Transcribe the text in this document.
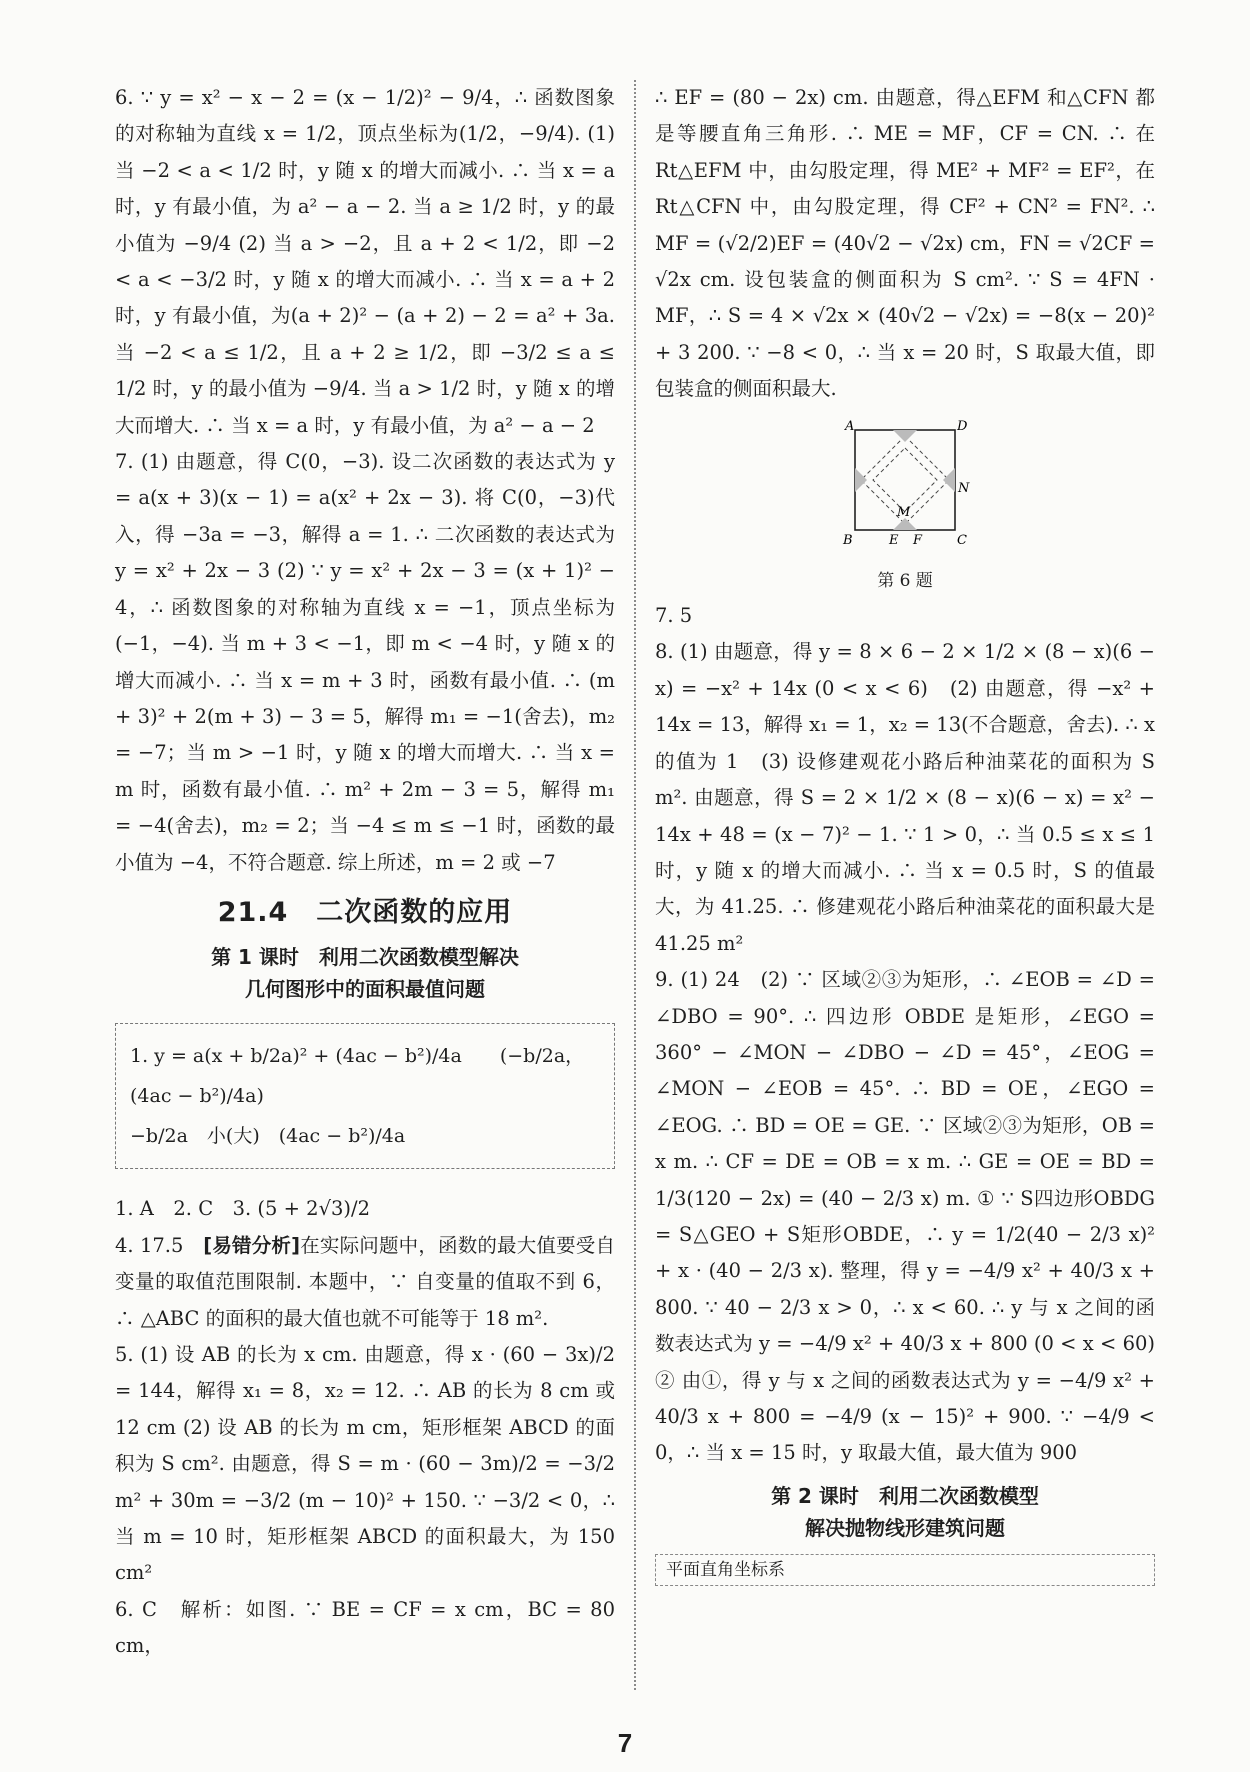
6. ∵ y = x² − x − 2 = (x − 1/2)² − 9/4，∴ 函数图象的对称轴为直线 x = 1/2，顶点坐标为(1/2，−9/4). (1) 当 −2 < a < 1/2 时，y 随 x 的增大而减小. ∴ 当 x = a 时，y 有最小值，为 a² − a − 2. 当 a ≥ 1/2 时，y 的最小值为 −9/4 (2) 当 a > −2，且 a + 2 < 1/2，即 −2 < a < −3/2 时，y 随 x 的增大而减小. ∴ 当 x = a + 2 时，y 有最小值，为(a + 2)² − (a + 2) − 2 = a² + 3a. 当 −2 < a ≤ 1/2，且 a + 2 ≥ 1/2，即 −3/2 ≤ a ≤ 1/2 时，y 的最小值为 −9/4. 当 a > 1/2 时，y 随 x 的增大而增大. ∴ 当 x = a 时，y 有最小值，为 a² − a − 2

7. (1) 由题意，得 C(0，−3). 设二次函数的表达式为 y = a(x + 3)(x − 1) = a(x² + 2x − 3). 将 C(0，−3)代入，得 −3a = −3，解得 a = 1. ∴ 二次函数的表达式为 y = x² + 2x − 3 (2) ∵ y = x² + 2x − 3 = (x + 1)² − 4，∴ 函数图象的对称轴为直线 x = −1，顶点坐标为(−1，−4). 当 m + 3 < −1，即 m < −4 时，y 随 x 的增大而减小. ∴ 当 x = m + 3 时，函数有最小值. ∴ (m + 3)² + 2(m + 3) − 3 = 5，解得 m₁ = −1(舍去)，m₂ = −7；当 m > −1 时，y 随 x 的增大而增大. ∴ 当 x = m 时，函数有最小值. ∴ m² + 2m − 3 = 5，解得 m₁ = −4(舍去)，m₂ = 2；当 −4 ≤ m ≤ −1 时，函数的最小值为 −4，不符合题意. 综上所述，m = 2 或 −7

21.4　二次函数的应用

第 1 课时　利用二次函数模型解决

几何图形中的面积最值问题

1. y = a(x + b/2a)² + (4ac − b²)/4a　　(−b/2a，(4ac − b²)/4a)
−b/2a　小(大)　(4ac − b²)/4a

1. A　2. C　3. (5 + 2√3)/2

4. 17.5　[易错分析]在实际问题中，函数的最大值要受自变量的取值范围限制. 本题中，∵ 自变量的值取不到 6，∴ △ABC 的面积的最大值也就不可能等于 18 m².

5. (1) 设 AB 的长为 x cm. 由题意，得 x · (60 − 3x)/2 = 144，解得 x₁ = 8，x₂ = 12. ∴ AB 的长为 8 cm 或 12 cm (2) 设 AB 的长为 m cm，矩形框架 ABCD 的面积为 S cm². 由题意，得 S = m · (60 − 3m)/2 = −3/2 m² + 30m = −3/2 (m − 10)² + 150. ∵ −3/2 < 0，∴ 当 m = 10 时，矩形框架 ABCD 的面积最大，为 150 cm²

6. C　解析：如图. ∵ BE = CF = x cm，BC = 80 cm，

∴ EF = (80 − 2x) cm. 由题意，得△EFM 和△CFN 都是等腰直角三角形. ∴ ME = MF，CF = CN. ∴ 在 Rt△EFM 中，由勾股定理，得 ME² + MF² = EF²，在 Rt△CFN 中，由勾股定理，得 CF² + CN² = FN². ∴ MF = (√2/2)EF = (40√2 − √2x) cm，FN = √2CF = √2x cm. 设包装盒的侧面积为 S cm². ∵ S = 4FN · MF，∴ S = 4 × √2x × (40√2 − √2x) = −8(x − 20)² + 3 200. ∵ −8 < 0，∴ 当 x = 20 时，S 取最大值，即包装盒的侧面积最大.

A	D
B	C
E F
M
N
第 6 题

7. 5

8. (1) 由题意，得 y = 8 × 6 − 2 × 1/2 × (8 − x)(6 − x) = −x² + 14x (0 < x < 6)　(2) 由题意，得 −x² + 14x = 13，解得 x₁ = 1，x₂ = 13(不合题意，舍去). ∴ x 的值为 1　(3) 设修建观花小路后种油菜花的面积为 S m². 由题意，得 S = 2 × 1/2 × (8 − x)(6 − x) = x² − 14x + 48 = (x − 7)² − 1. ∵ 1 > 0，∴ 当 0.5 ≤ x ≤ 1 时，y 随 x 的增大而减小. ∴ 当 x = 0.5 时，S 的值最大，为 41.25. ∴ 修建观花小路后种油菜花的面积最大是 41.25 m²

9. (1) 24　(2) ∵ 区域②③为矩形，∴ ∠EOB = ∠D = ∠DBO = 90°. ∴ 四边形 OBDE 是矩形，∠EGO = 360° − ∠MON − ∠DBO − ∠D = 45°，∠EOG = ∠MON − ∠EOB = 45°. ∴ BD = OE，∠EGO = ∠EOG. ∴ BD = OE = GE. ∵ 区域②③为矩形，OB = x m. ∴ CF = DE = OB = x m. ∴ GE = OE = BD = 1/3(120 − 2x) = (40 − 2/3 x) m. ① ∵ S四边形OBDG = S△GEO + S矩形OBDE，∴ y = 1/2(40 − 2/3 x)² + x · (40 − 2/3 x). 整理，得 y = −4/9 x² + 40/3 x + 800. ∵ 40 − 2/3 x > 0，∴ x < 60. ∴ y 与 x 之间的函数表达式为 y = −4/9 x² + 40/3 x + 800 (0 < x < 60)　② 由①，得 y 与 x 之间的函数表达式为 y = −4/9 x² + 40/3 x + 800 = −4/9 (x − 15)² + 900. ∵ −4/9 < 0，∴ 当 x = 15 时，y 取最大值，最大值为 900

第 2 课时　利用二次函数模型

解决抛物线形建筑问题

平面直角坐标系
7
